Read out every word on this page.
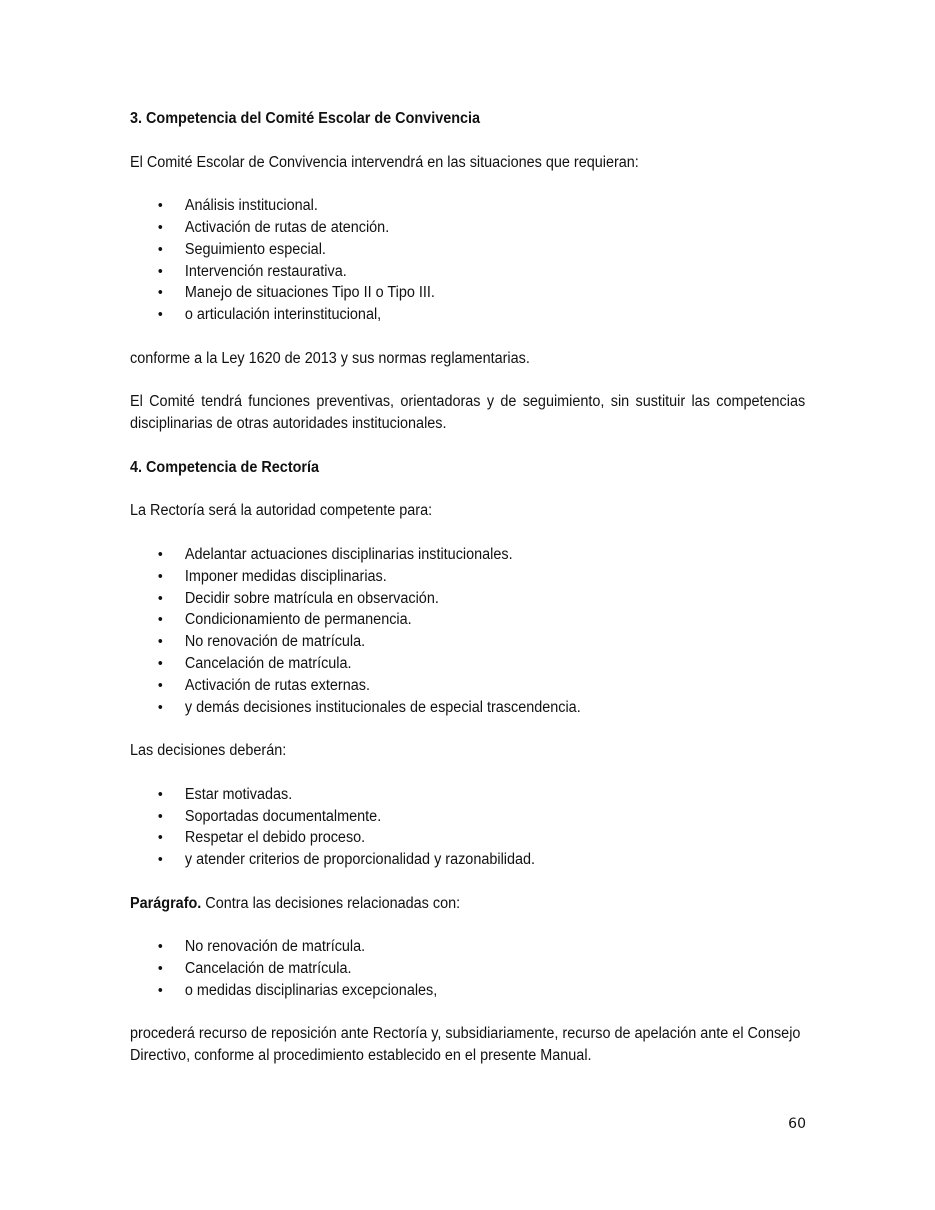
3. Competencia del Comité Escolar de Convivencia

El Comité Escolar de Convivencia intervendrá en las situaciones que requieran:

• Análisis institucional.
• Activación de rutas de atención.
• Seguimiento especial.
• Intervención restaurativa.
• Manejo de situaciones Tipo II o Tipo III.
• o articulación interinstitucional,

conforme a la Ley 1620 de 2013 y sus normas reglamentarias.

El Comité tendrá funciones preventivas, orientadoras y de seguimiento, sin sustituir las competencias disciplinarias de otras autoridades institucionales.

4. Competencia de Rectoría

La Rectoría será la autoridad competente para:

• Adelantar actuaciones disciplinarias institucionales.
• Imponer medidas disciplinarias.
• Decidir sobre matrícula en observación.
• Condicionamiento de permanencia.
• No renovación de matrícula.
• Cancelación de matrícula.
• Activación de rutas externas.
• y demás decisiones institucionales de especial trascendencia.

Las decisiones deberán:

• Estar motivadas.
• Soportadas documentalmente.
• Respetar el debido proceso.
• y atender criterios de proporcionalidad y razonabilidad.

Parágrafo. Contra las decisiones relacionadas con:

• No renovación de matrícula.
• Cancelación de matrícula.
• o medidas disciplinarias excepcionales,

procederá recurso de reposición ante Rectoría y, subsidiariamente, recurso de apelación ante el Consejo Directivo, conforme al procedimiento establecido en el presente Manual.

60
